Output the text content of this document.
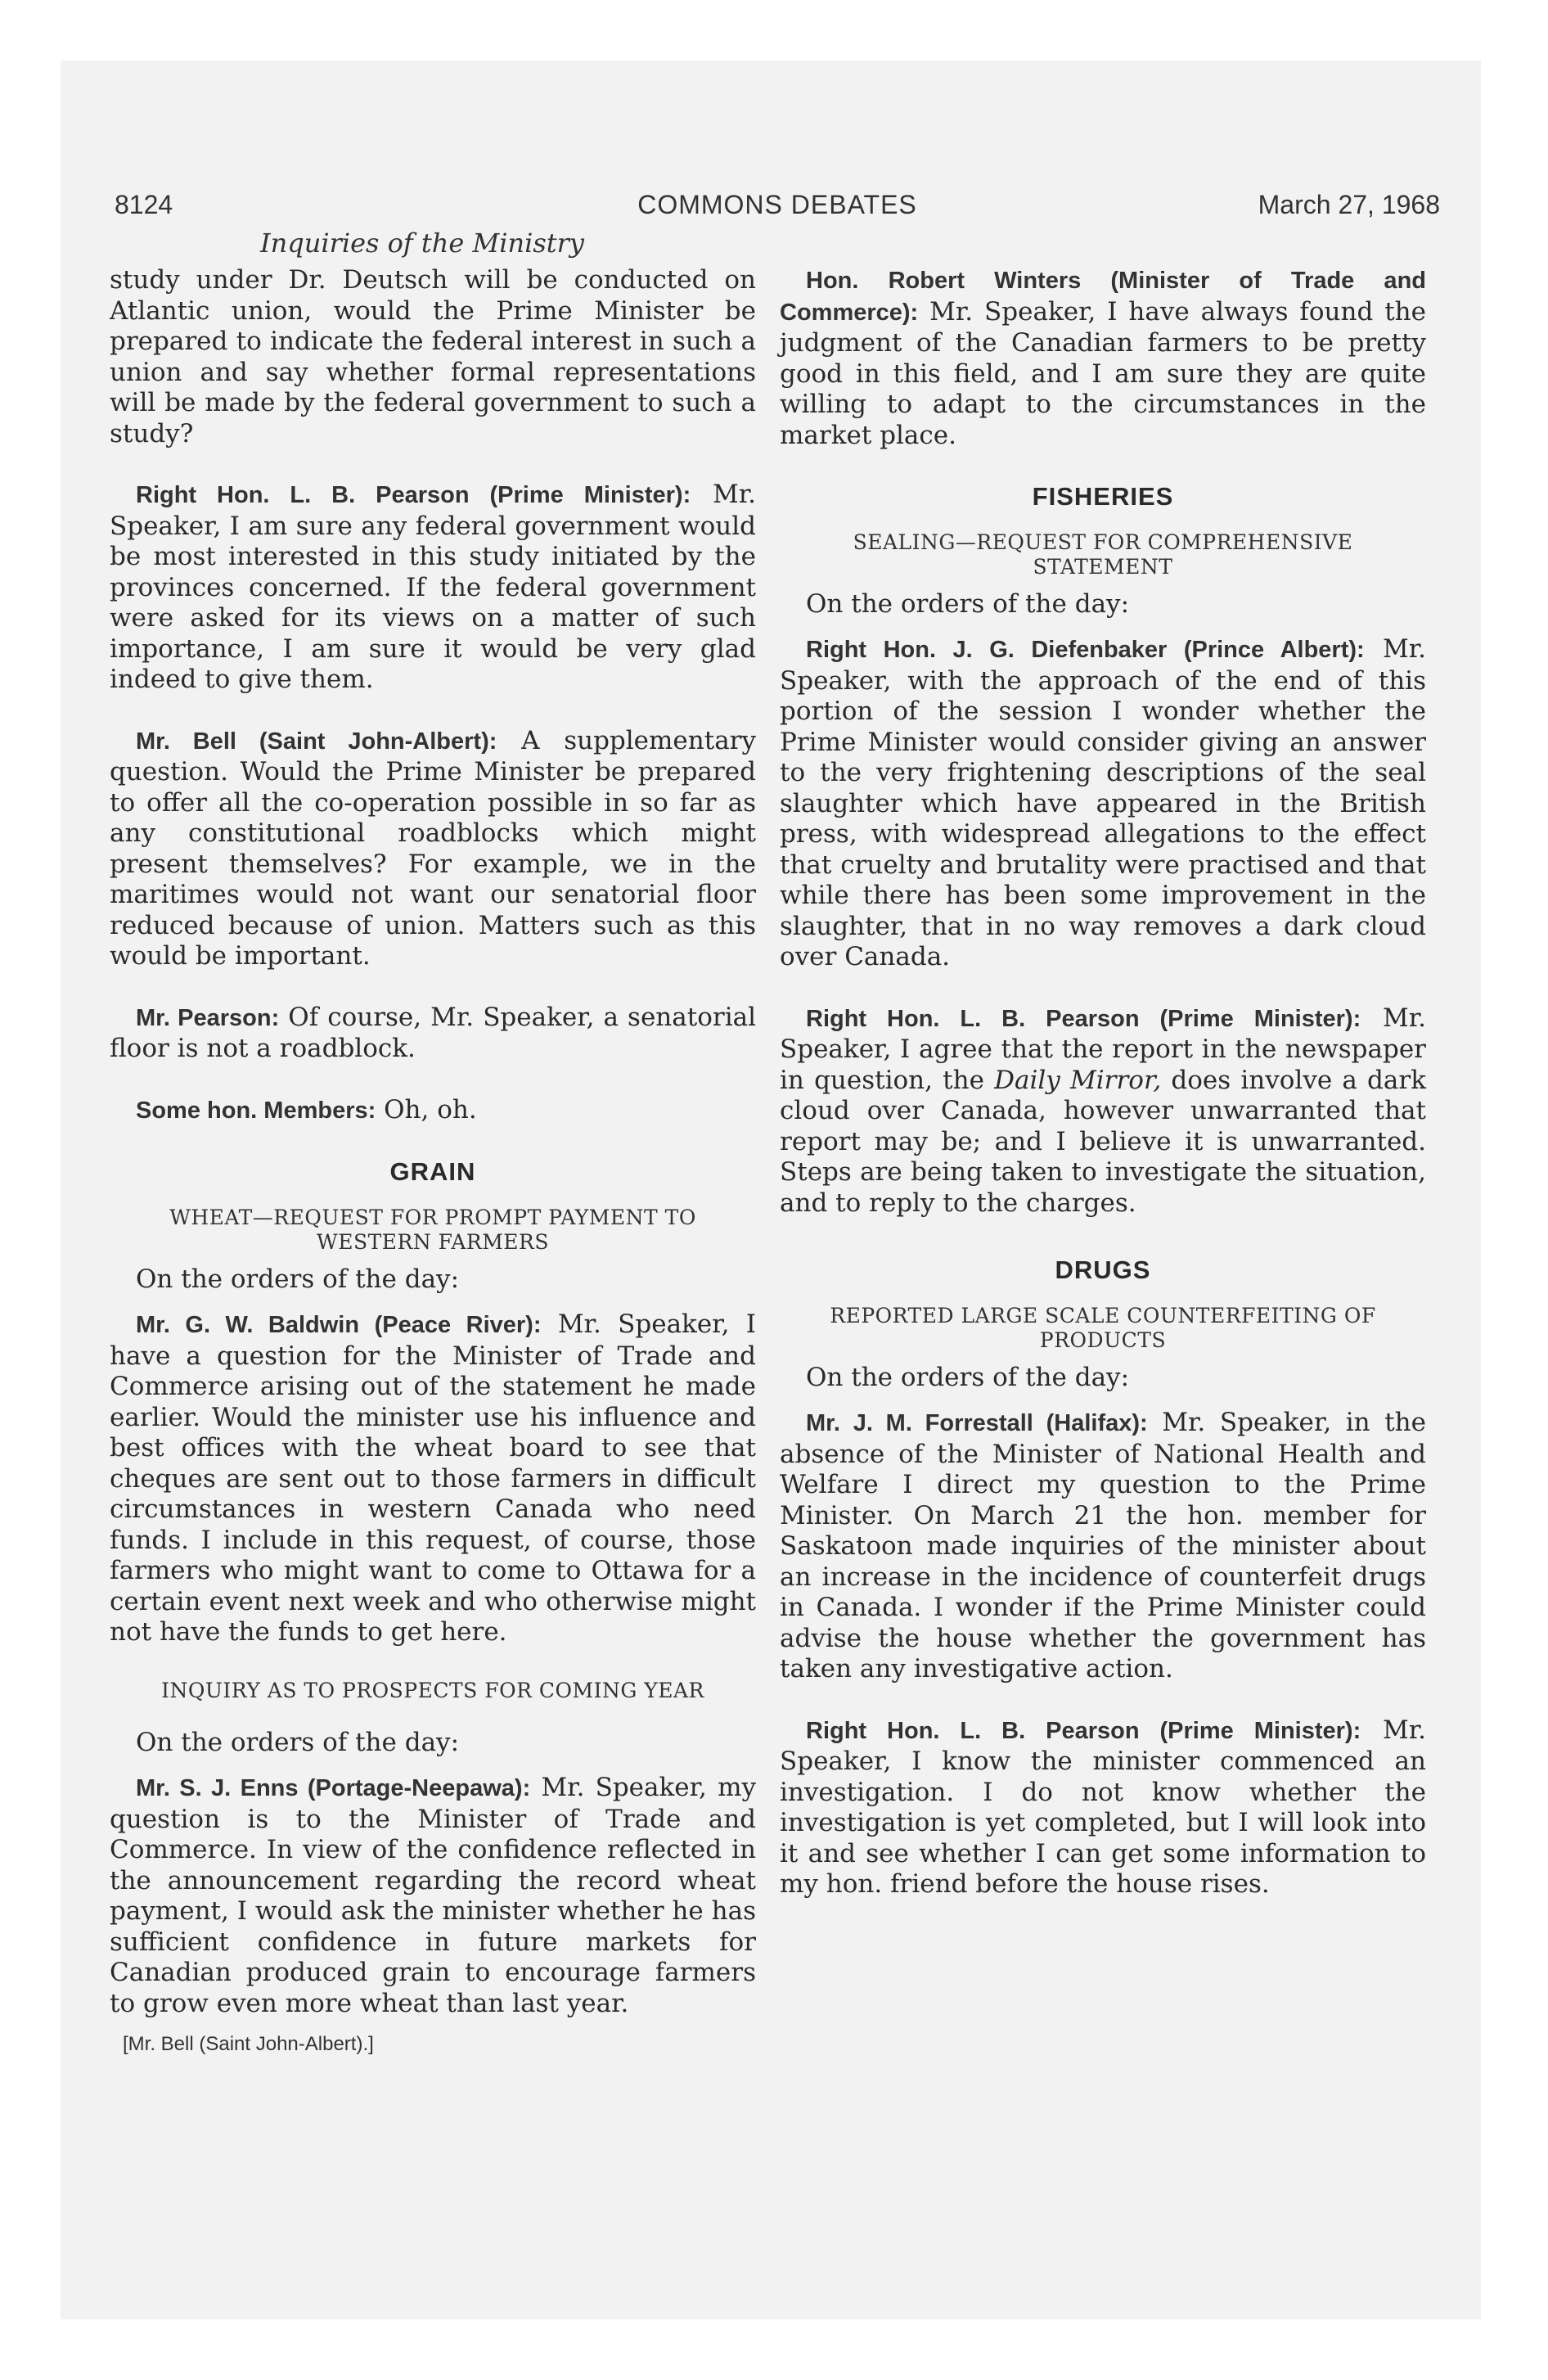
8124	COMMONS DEBATES	March 27, 1968
Inquiries of the Ministry

study under Dr. Deutsch will be conducted on Atlantic union, would the Prime Minister be prepared to indicate the federal interest in such a union and say whether formal representations will be made by the federal government to such a study?

Right Hon. L. B. Pearson (Prime Minister): Mr. Speaker, I am sure any federal government would be most interested in this study initiated by the provinces concerned. If the federal government were asked for its views on a matter of such importance, I am sure it would be very glad indeed to give them.

Mr. Bell (Saint John-Albert): A supplementary question. Would the Prime Minister be prepared to offer all the co-operation possible in so far as any constitutional roadblocks which might present themselves? For example, we in the maritimes would not want our senatorial floor reduced because of union. Matters such as this would be important.

Mr. Pearson: Of course, Mr. Speaker, a senatorial floor is not a roadblock.

Some hon. Members: Oh, oh.

GRAIN
WHEAT—REQUEST FOR PROMPT PAYMENT TO WESTERN FARMERS

On the orders of the day:

Mr. G. W. Baldwin (Peace River): Mr. Speaker, I have a question for the Minister of Trade and Commerce arising out of the statement he made earlier. Would the minister use his influence and best offices with the wheat board to see that cheques are sent out to those farmers in difficult circumstances in western Canada who need funds. I include in this request, of course, those farmers who might want to come to Ottawa for a certain event next week and who otherwise might not have the funds to get here.

INQUIRY AS TO PROSPECTS FOR COMING YEAR

On the orders of the day:

Mr. S. J. Enns (Portage-Neepawa): Mr. Speaker, my question is to the Minister of Trade and Commerce. In view of the confidence reflected in the announcement regarding the record wheat payment, I would ask the minister whether he has sufficient confidence in future markets for Canadian produced grain to encourage farmers to grow even more wheat than last year.

[Mr. Bell (Saint John-Albert).]

Hon. Robert Winters (Minister of Trade and Commerce): Mr. Speaker, I have always found the judgment of the Canadian farmers to be pretty good in this field, and I am sure they are quite willing to adapt to the circumstances in the market place.

FISHERIES
SEALING—REQUEST FOR COMPREHENSIVE STATEMENT

On the orders of the day:

Right Hon. J. G. Diefenbaker (Prince Albert): Mr. Speaker, with the approach of the end of this portion of the session I wonder whether the Prime Minister would consider giving an answer to the very frightening descriptions of the seal slaughter which have appeared in the British press, with widespread allegations to the effect that cruelty and brutality were practised and that while there has been some improvement in the slaughter, that in no way removes a dark cloud over Canada.

Right Hon. L. B. Pearson (Prime Minister): Mr. Speaker, I agree that the report in the newspaper in question, the Daily Mirror, does involve a dark cloud over Canada, however unwarranted that report may be; and I believe it is unwarranted. Steps are being taken to investigate the situation, and to reply to the charges.

DRUGS
REPORTED LARGE SCALE COUNTERFEITING OF PRODUCTS

On the orders of the day:

Mr. J. M. Forrestall (Halifax): Mr. Speaker, in the absence of the Minister of National Health and Welfare I direct my question to the Prime Minister. On March 21 the hon. member for Saskatoon made inquiries of the minister about an increase in the incidence of counterfeit drugs in Canada. I wonder if the Prime Minister could advise the house whether the government has taken any investigative action.

Right Hon. L. B. Pearson (Prime Minister): Mr. Speaker, I know the minister commenced an investigation. I do not know whether the investigation is yet completed, but I will look into it and see whether I can get some information to my hon. friend before the house rises.
